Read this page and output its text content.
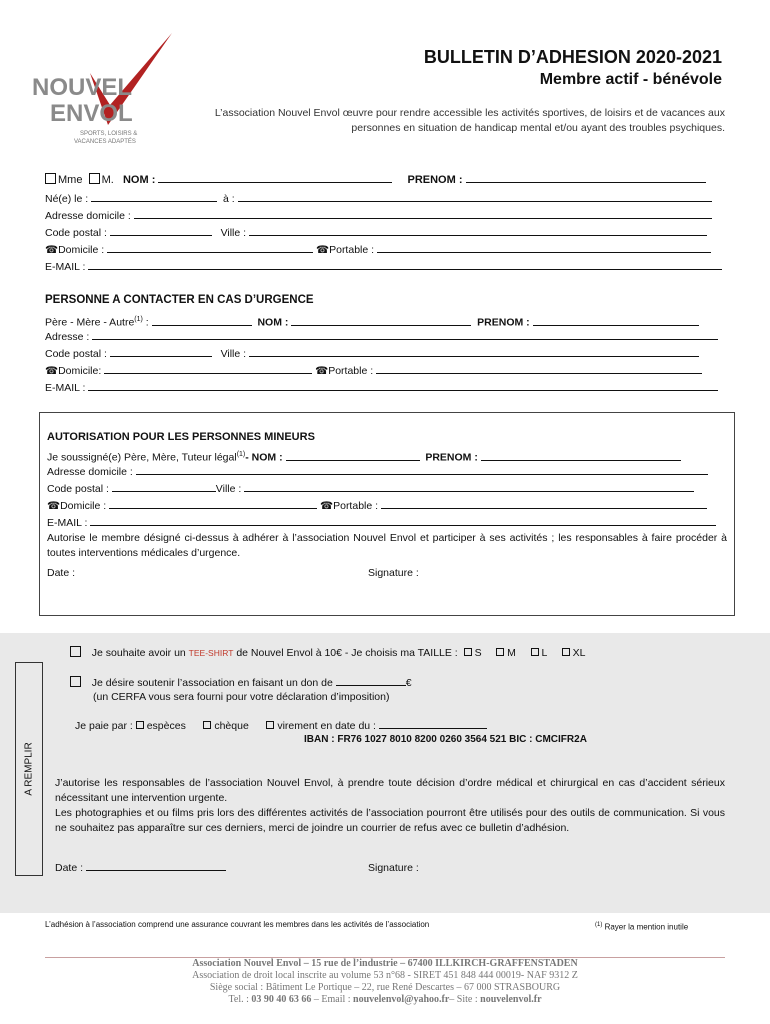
NOUVEL
ENVOL
SPORTS, LOISIRS &
VACANCES ADAPTÉS
BULLETIN D’ADHESION 2020-2021
Membre actif - bénévole
L’association Nouvel Envol œuvre pour rendre accessible les activités sportives, de loisirs et de vacances aux personnes en situation de handicap mental et/ou ayant des troubles psychiques.
Mme M. NOM :	PRENOM :
Né(e) le :	à :
Adresse domicile :
Code postal :	Ville :
☎Domicile :	☎Portable :
E-MAIL :
PERSONNE A CONTACTER EN CAS D’URGENCE
Père - Mère - Autre$^{(1)}$ :	NOM :	PRENOM :
Adresse :
Code postal :	Ville :
☎Domicile:	☎Portable :
E-MAIL :
AUTORISATION POUR LES PERSONNES MINEURS
Je soussigné(e) Père, Mère, Tuteur légal$^{(1)}$- NOM :	PRENOM :
Adresse domicile :
Code postal :	Ville :
☎Domicile :	☎Portable :
E-MAIL :
Autorise le membre désigné ci-dessus à adhérer à l’association Nouvel Envol et participer à ses activités ; les responsables à faire procéder à toutes interventions médicales d’urgence.
Date :	Signature :
A REMPLIR
Je souhaite avoir un TEE-SHIRT de Nouvel Envol à 10€ - Je choisis ma TAILLE : S M L XL
Je désire soutenir l’association en faisant un don de	€
(un CERFA vous sera fourni pour votre déclaration d’imposition)
Je paie par : espèces	chèque	virement en date du :
IBAN : FR76 1027 8010 8200 0260 3564 521 BIC : CMCIFR2A
J’autorise les responsables de l’association Nouvel Envol, à prendre toute décision d’ordre médical et chirurgical en cas d’accident sérieux nécessitant une intervention urgente.
Les photographies et ou films pris lors des différentes activités de l’association pourront être utilisés pour des outils de communication. Si vous ne souhaitez pas apparaître sur ces derniers, merci de joindre un courrier de refus avec ce bulletin d’adhésion.
Date :	Signature :
L’adhésion à l’association comprend une assurance couvrant les membres dans les activités de l’association	$^{(1)}$ Rayer la mention inutile
Association Nouvel Envol – 15 rue de l’industrie – 67400 ILLKIRCH-GRAFFENSTADEN
Association de droit local inscrite au volume 53 n°68 - SIRET 451 848 444 00019- NAF 9312 Z
Siège social : Bâtiment Le Portique – 22, rue René Descartes – 67 000 STRASBOURG
Tel. : 03 90 40 63 66 – Email : nouvelenvol@yahoo.fr– Site : nouvelenvol.fr
